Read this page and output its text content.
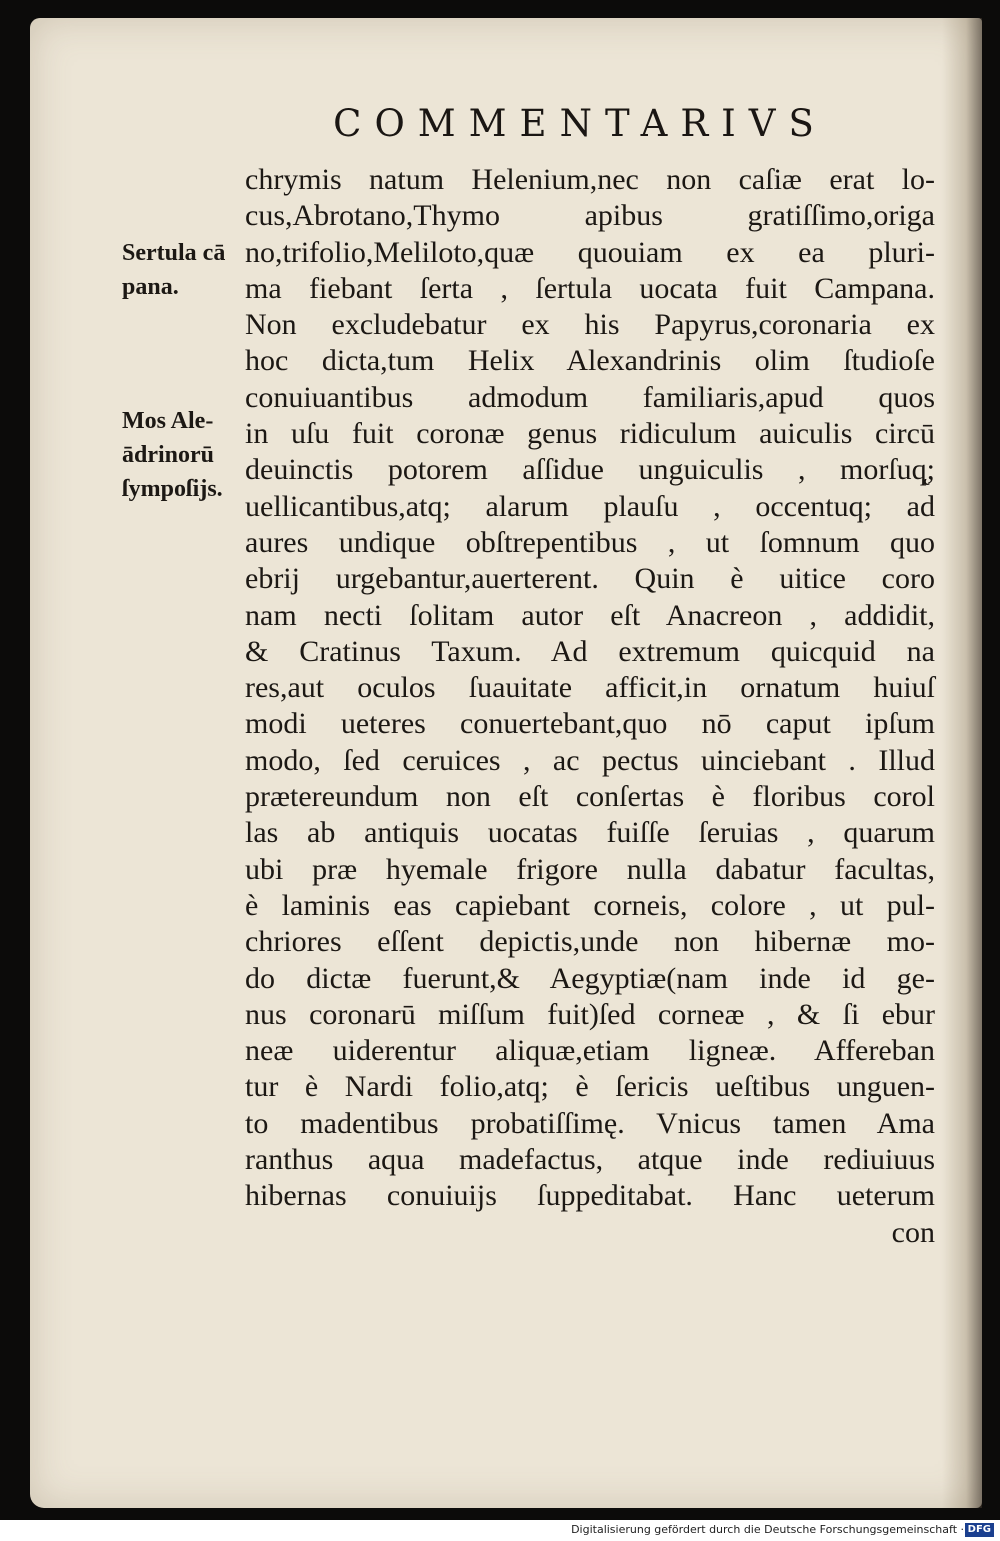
COMMENTARIVS
Sertula cā
pana.
Mos Ale-
ādrinorū
ſympoſijs.
chrymis natum Helenium,nec non caſiæ erat lo-
cus,Abrotano,Thymo apibus gratiſſimo,origa
no,trifolio,Meliloto,quæ quouiam ex ea pluri-
ma fiebant ſerta , ſertula uocata fuit Campana.
Non excludebatur ex his Papyrus,coronaria ex
hoc dicta,tum Helix Alexandrinis olim ſtudioſe
conuiuantibus admodum familiaris,apud quos
in uſu fuit coronæ genus ridiculum auiculis circū
deuinctis potorem aſſidue unguiculis , morſuq̨;
uellicantibus,atq; alarum plauſu , occentuq; ad
aures undique obſtrepentibus , ut ſomnum quo
ebrij urgebantur,auerterent. Quin è uitice coro
nam necti ſolitam autor eſt Anacreon , addidit,
& Cratinus Taxum. Ad extremum quicquid na
res,aut oculos ſuauitate afficit,in ornatum huiuſ
modi ueteres conuertebant,quo nō caput ipſum
modo, ſed ceruices , ac pectus uinciebant . Illud
prætereundum non eſt conſertas è floribus corol
las ab antiquis uocatas fuiſſe ſeruias , quarum
ubi præ hyemale frigore nulla dabatur facultas,
è laminis eas capiebant corneis, colore , ut pul-
chriores eſſent depictis,unde non hibernæ mo-
do dictæ fuerunt,& Aegyptiæ(nam inde id ge-
nus coronarū miſſum fuit)ſed corneæ , & ſi ebur
neæ uiderentur aliquæ,etiam ligneæ. Affereban
tur è Nardi folio,atq; è ſericis ueſtibus unguen-
to madentibus probatiſſimę. Vnicus tamen Ama
ranthus aqua madefactus, atque inde rediuiuus
hibernas conuiuijs ſuppeditabat. Hanc ueterum
con
Digitalisierung gefördert durch die Deutsche Forschungsgemeinschaft · DFG
